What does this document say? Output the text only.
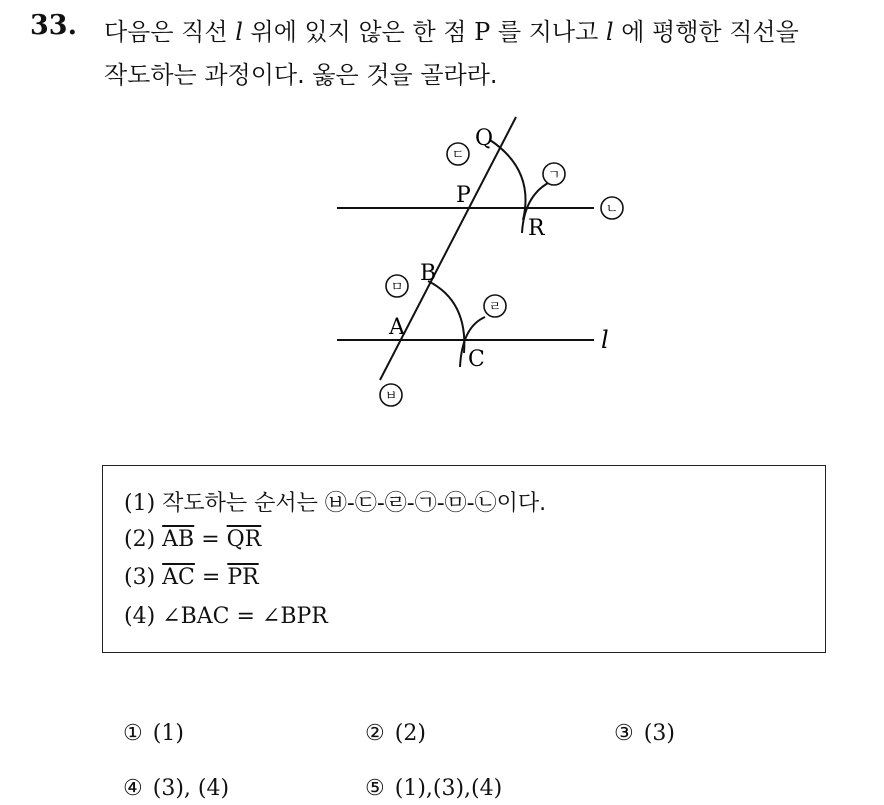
33. 다음은 직선 l 위에 있지 않은 한 점 P 를 지나고 l 에 평행한 직선을
작도하는 과정이다. 옳은 것을 골라라.
Q
P
R
B
A
C
l
ㄷ
ㄱ
ㄴ
ㅁ
ㄹ
ㅂ
(1) 작도하는 순서는 ㉥-㉢-㉣-㉠-㉤-㉡이다.
(2) $\overline{AB} = \overline{QR}$
(3) $\overline{AC} = \overline{PR}$
(4) ∠BAC = ∠BPR
① (1)	② (2)	③ (3)
④ (3), (4)	⑤ (1),(3),(4)
